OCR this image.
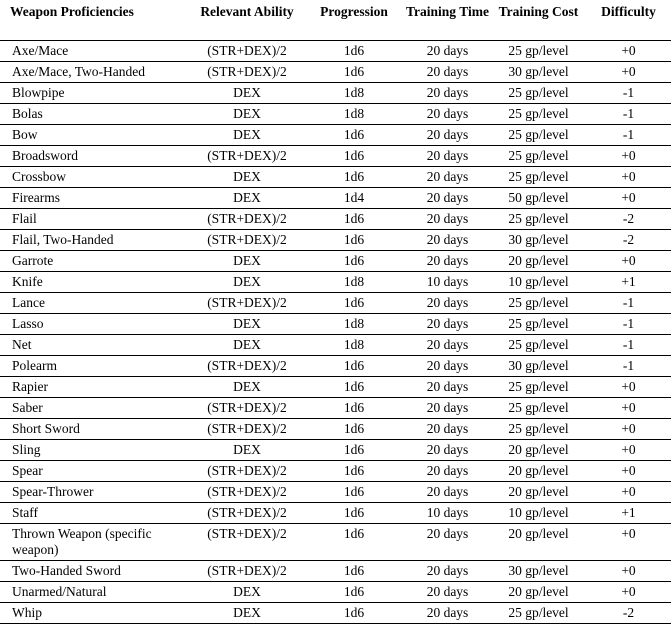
Weapon Proficiencies	Relevant Ability	Progression	Training Time	Training Cost	Difficulty
Axe/Mace	(STR+DEX)/2	1d6	20 days	25 gp/level	+0
Axe/Mace, Two-Handed	(STR+DEX)/2	1d6	20 days	30 gp/level	+0
Blowpipe	DEX	1d8	20 days	25 gp/level	-1
Bolas	DEX	1d8	20 days	25 gp/level	-1
Bow	DEX	1d6	20 days	25 gp/level	-1
Broadsword	(STR+DEX)/2	1d6	20 days	25 gp/level	+0
Crossbow	DEX	1d6	20 days	25 gp/level	+0
Firearms	DEX	1d4	20 days	50 gp/level	+0
Flail	(STR+DEX)/2	1d6	20 days	25 gp/level	-2
Flail, Two-Handed	(STR+DEX)/2	1d6	20 days	30 gp/level	-2
Garrote	DEX	1d6	20 days	20 gp/level	+0
Knife	DEX	1d8	10 days	10 gp/level	+1
Lance	(STR+DEX)/2	1d6	20 days	25 gp/level	-1
Lasso	DEX	1d8	20 days	25 gp/level	-1
Net	DEX	1d8	20 days	25 gp/level	-1
Polearm	(STR+DEX)/2	1d6	20 days	30 gp/level	-1
Rapier	DEX	1d6	20 days	25 gp/level	+0
Saber	(STR+DEX)/2	1d6	20 days	25 gp/level	+0
Short Sword	(STR+DEX)/2	1d6	20 days	25 gp/level	+0
Sling	DEX	1d6	20 days	20 gp/level	+0
Spear	(STR+DEX)/2	1d6	20 days	20 gp/level	+0
Spear-Thrower	(STR+DEX)/2	1d6	20 days	20 gp/level	+0
Staff	(STR+DEX)/2	1d6	10 days	10 gp/level	+1
Thrown Weapon (specific weapon)	(STR+DEX)/2	1d6	20 days	20 gp/level	+0
Two-Handed Sword	(STR+DEX)/2	1d6	20 days	30 gp/level	+0
Unarmed/Natural	DEX	1d6	20 days	20 gp/level	+0
Whip	DEX	1d6	20 days	25 gp/level	-2
